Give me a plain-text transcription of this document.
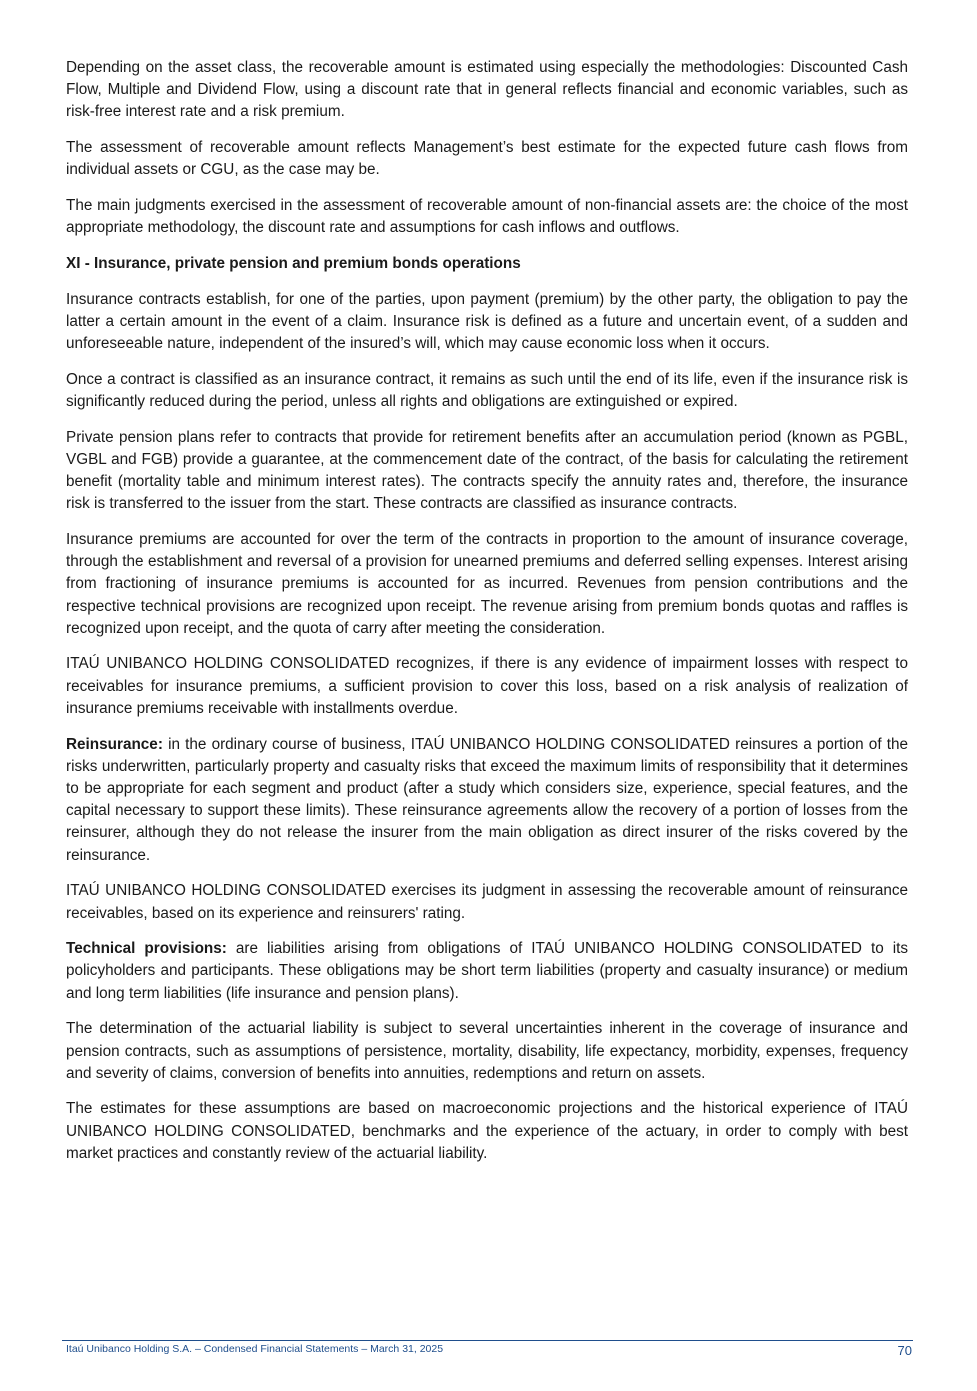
Depending on the asset class, the recoverable amount is estimated using especially the methodologies: Discounted Cash Flow, Multiple and Dividend Flow, using a discount rate that in general reflects financial and economic variables, such as risk-free interest rate and a risk premium.

The assessment of recoverable amount reflects Management’s best estimate for the expected future cash flows from individual assets or CGU, as the case may be.

The main judgments exercised in the assessment of recoverable amount of non-financial assets are: the choice of the most appropriate methodology, the discount rate and assumptions for cash inflows and outflows.

XI - Insurance, private pension and premium bonds operations

Insurance contracts establish, for one of the parties, upon payment (premium) by the other party, the obligation to pay the latter a certain amount in the event of a claim. Insurance risk is defined as a future and uncertain event, of a sudden and unforeseeable nature, independent of the insured’s will, which may cause economic loss when it occurs.

Once a contract is classified as an insurance contract, it remains as such until the end of its life, even if the insurance risk is significantly reduced during the period, unless all rights and obligations are extinguished or expired.

Private pension plans refer to contracts that provide for retirement benefits after an accumulation period (known as PGBL, VGBL and FGB) provide a guarantee, at the commencement date of the contract, of the basis for calculating the retirement benefit (mortality table and minimum interest rates). The contracts specify the annuity rates and, therefore, the insurance risk is transferred to the issuer from the start. These contracts are classified as insurance contracts.

Insurance premiums are accounted for over the term of the contracts in proportion to the amount of insurance coverage, through the establishment and reversal of a provision for unearned premiums and deferred selling expenses. Interest arising from fractioning of insurance premiums is accounted for as incurred. Revenues from pension contributions and the respective technical provisions are recognized upon receipt. The revenue arising from premium bonds quotas and raffles is recognized upon receipt, and the quota of carry after meeting the consideration.

ITAÚ UNIBANCO HOLDING CONSOLIDATED recognizes, if there is any evidence of impairment losses with respect to receivables for insurance premiums, a sufficient provision to cover this loss, based on a risk analysis of realization of insurance premiums receivable with installments overdue.

Reinsurance: in the ordinary course of business, ITAÚ UNIBANCO HOLDING CONSOLIDATED reinsures a portion of the risks underwritten, particularly property and casualty risks that exceed the maximum limits of responsibility that it determines to be appropriate for each segment and product (after a study which considers size, experience, special features, and the capital necessary to support these limits). These reinsurance agreements allow the recovery of a portion of losses from the reinsurer, although they do not release the insurer from the main obligation as direct insurer of the risks covered by the reinsurance.

ITAÚ UNIBANCO HOLDING CONSOLIDATED exercises its judgment in assessing the recoverable amount of reinsurance receivables, based on its experience and reinsurers' rating.

Technical provisions: are liabilities arising from obligations of ITAÚ UNIBANCO HOLDING CONSOLIDATED to its policyholders and participants. These obligations may be short term liabilities (property and casualty insurance) or medium and long term liabilities (life insurance and pension plans).

The determination of the actuarial liability is subject to several uncertainties inherent in the coverage of insurance and pension contracts, such as assumptions of persistence, mortality, disability, life expectancy, morbidity, expenses, frequency and severity of claims, conversion of benefits into annuities, redemptions and return on assets.

The estimates for these assumptions are based on macroeconomic projections and the historical experience of ITAÚ UNIBANCO HOLDING CONSOLIDATED, benchmarks and the experience of the actuary, in order to comply with best market practices and constantly review of the actuarial liability.

Itaú Unibanco Holding S.A. – Condensed Financial Statements – March 31, 2025	70
